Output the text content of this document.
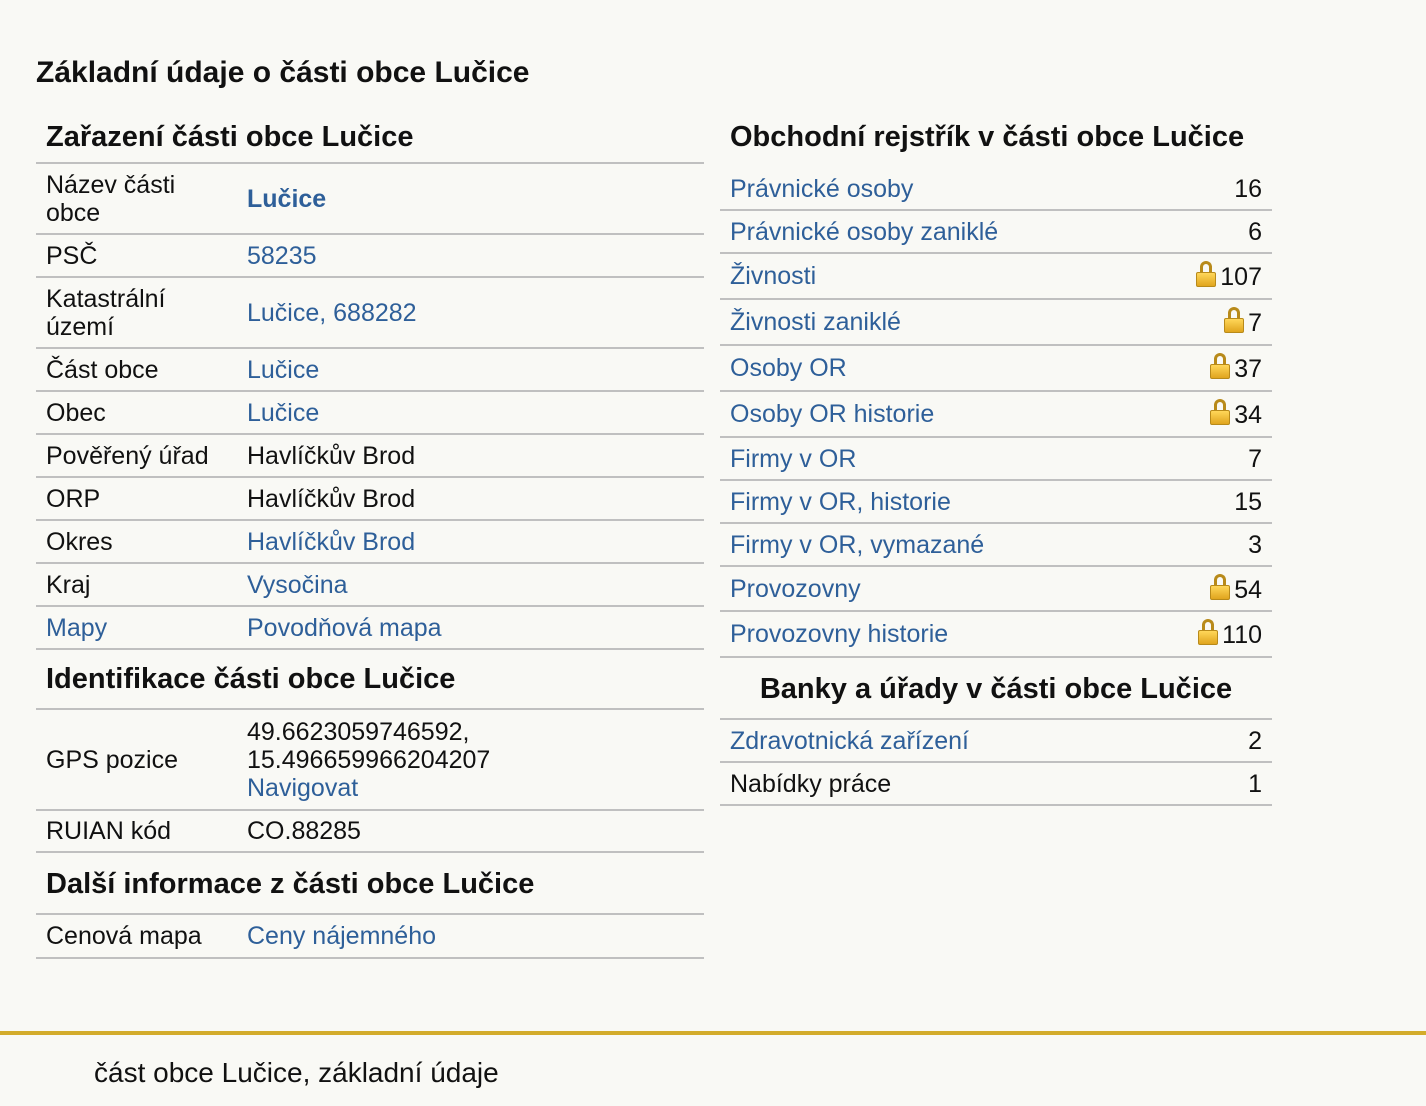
Základní údaje o části obce Lučice
Zařazení části obce Lučice
Název části obce	Lučice
PSČ	58235
Katastrální území	Lučice, 688282
Část obce	Lučice
Obec	Lučice
Pověřený úřad	Havlíčkův Brod
ORP	Havlíčkův Brod
Okres	Havlíčkův Brod
Kraj	Vysočina
Mapy	Povodňová mapa
Identifikace části obce Lučice
GPS pozice	49.6623059746592, 15.496659966204207
Navigovat
RUIAN kód	CO.88285
Další informace z části obce Lučice
Cenová mapa	Ceny nájemného
Obchodní rejstřík v části obce Lučice
Právnické osoby	16
Právnické osoby zaniklé	6
Živnosti	107
Živnosti zaniklé	7
Osoby OR	37
Osoby OR historie	34
Firmy v OR	7
Firmy v OR, historie	15
Firmy v OR, vymazané	3
Provozovny	54
Provozovny historie	110
Banky a úřady v části obce Lučice
Zdravotnická zařízení	2
Nabídky práce	1
část obce Lučice, základní údaje
